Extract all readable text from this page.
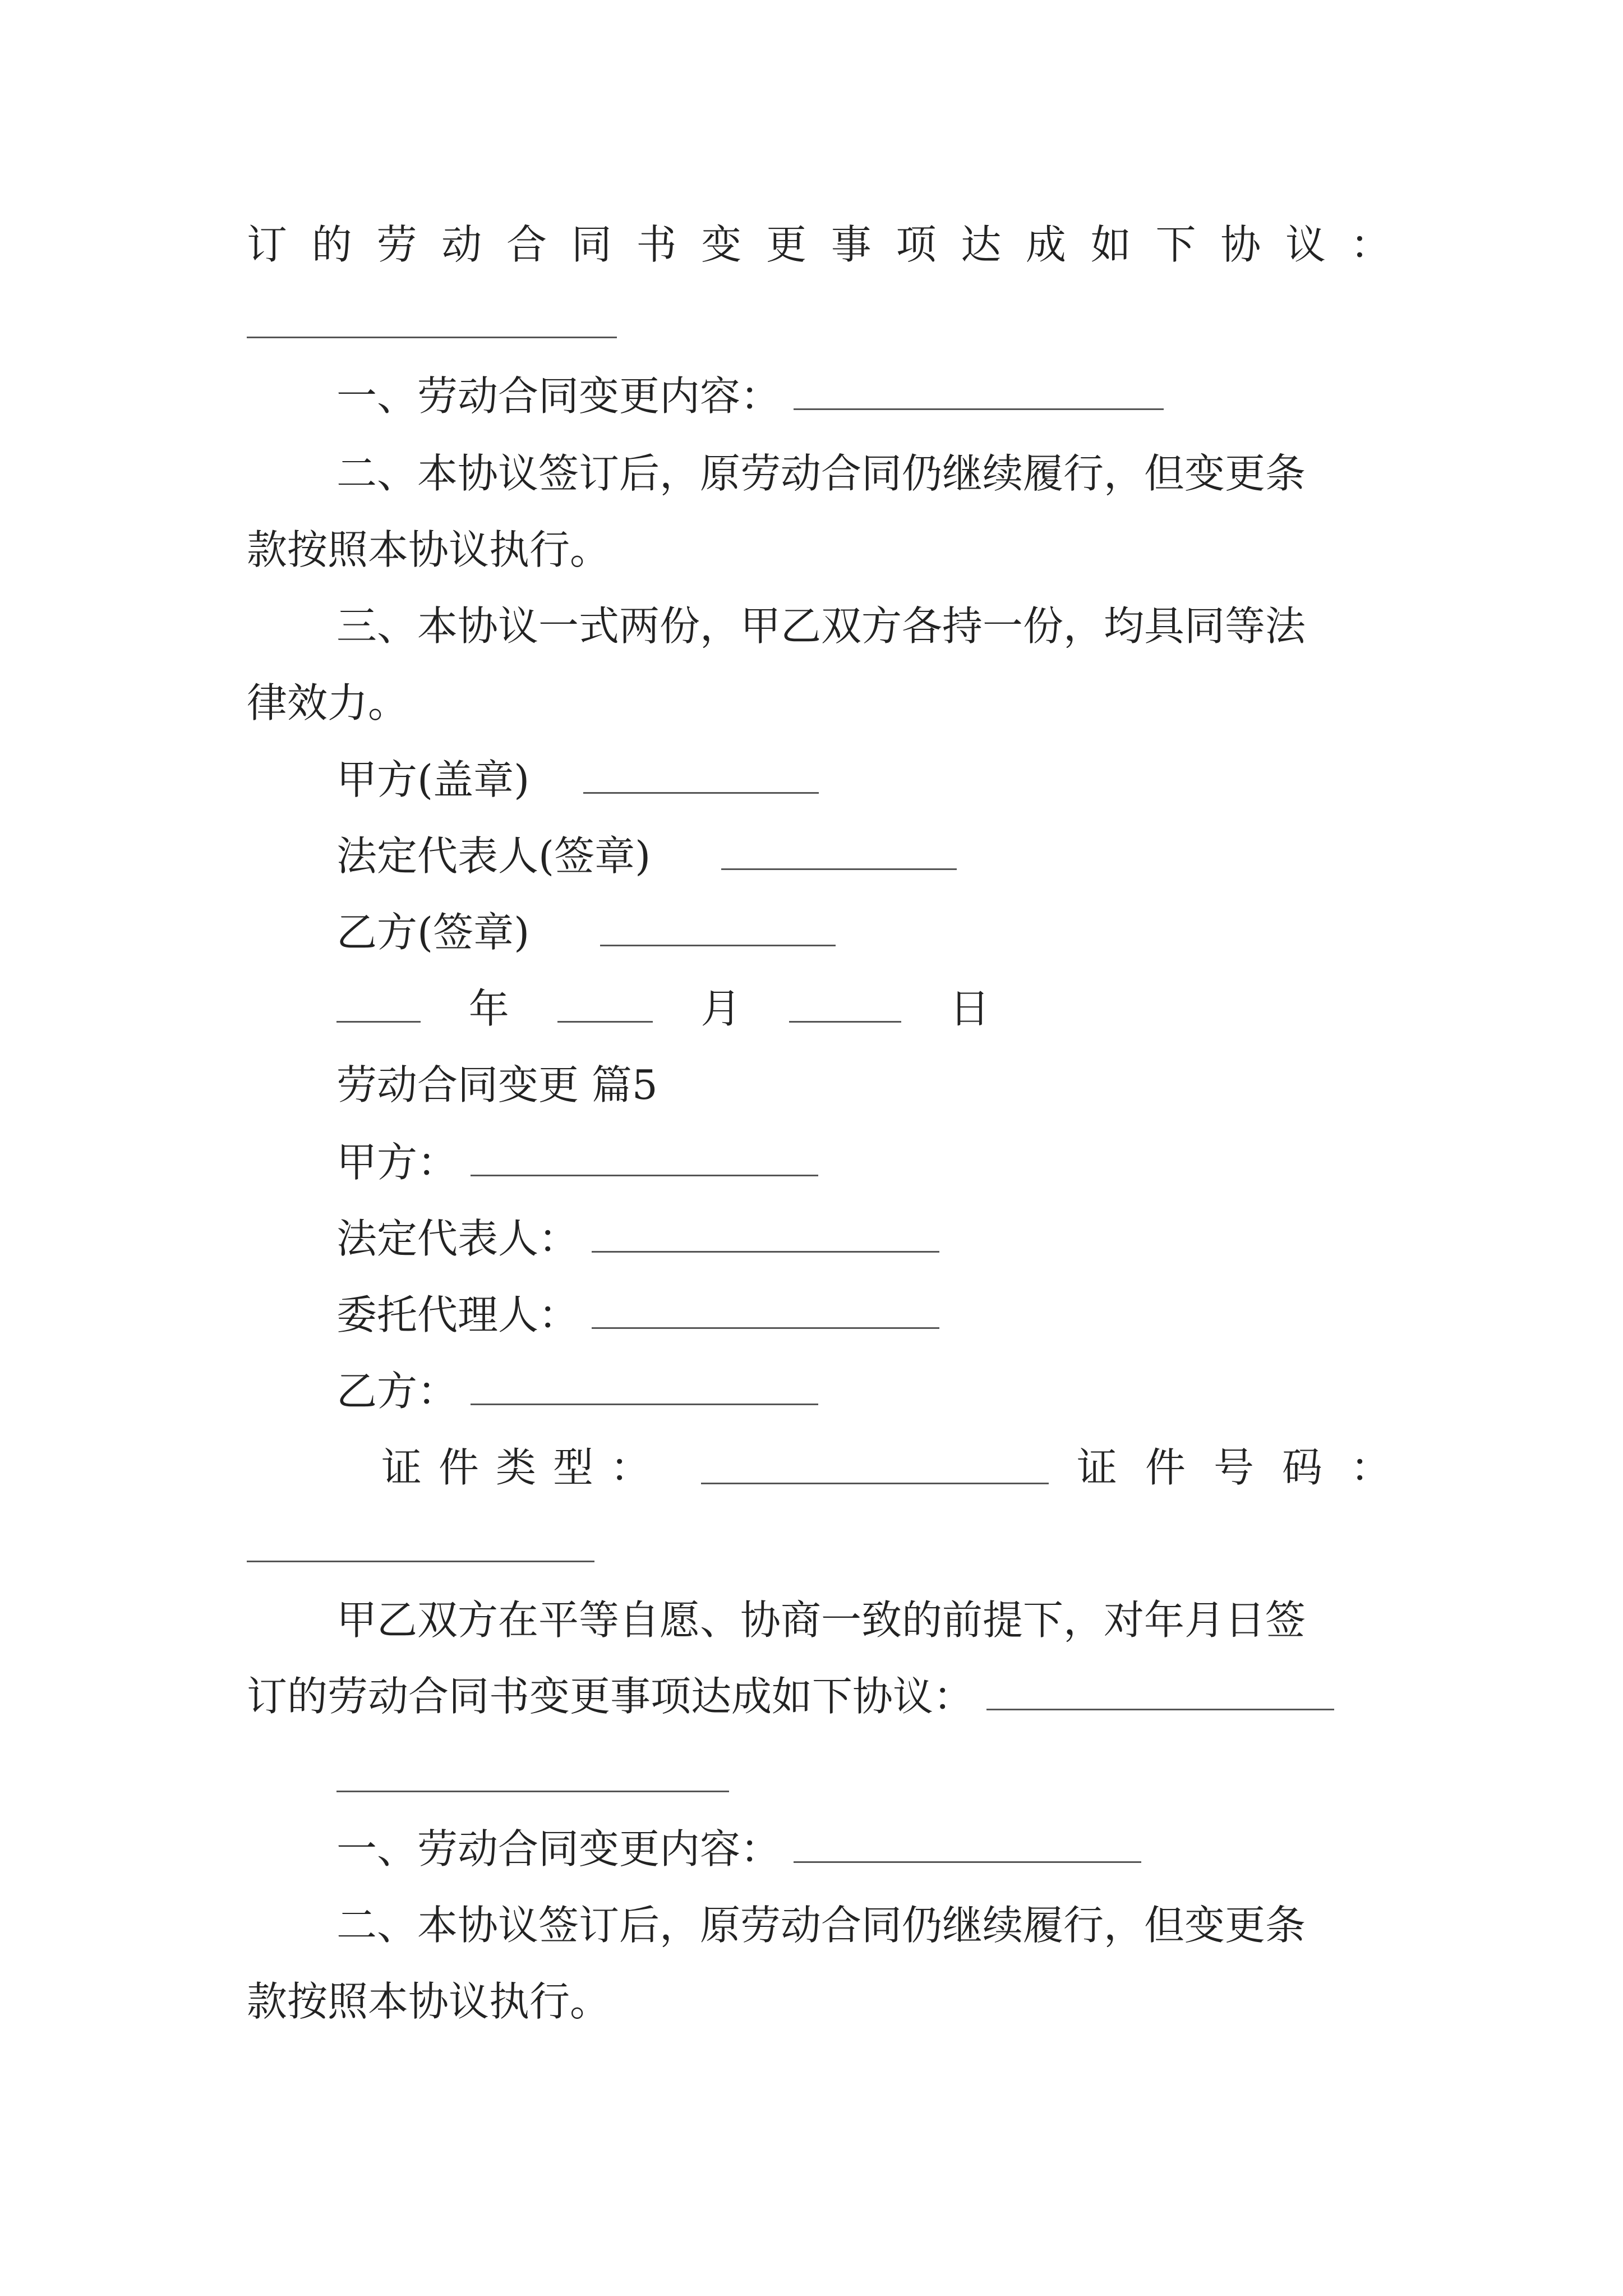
订 的 劳 动 合 同 书 变 更 事 项 达 成 如 下 协 议 ：
一、劳动合同变更内容：
二、本协议签订后，原劳动合同仍继续履行，但变更条
款按照本协议执行。
三、本协议一式两份，甲乙双方各持一份，均具同等法
律效力。
甲方(盖章)
法定代表人(签章)
乙方(签章)
年	月	日
劳动合同变更 篇5
甲方：
法定代表人：
委托代理人：
乙方：
证 件 类 型 ：	证 件 号 码 ：
甲乙双方在平等自愿、协商一致的前提下，对年月日签
订的劳动合同书变更事项达成如下协议：
一、劳动合同变更内容：
二、本协议签订后，原劳动合同仍继续履行，但变更条
款按照本协议执行。
